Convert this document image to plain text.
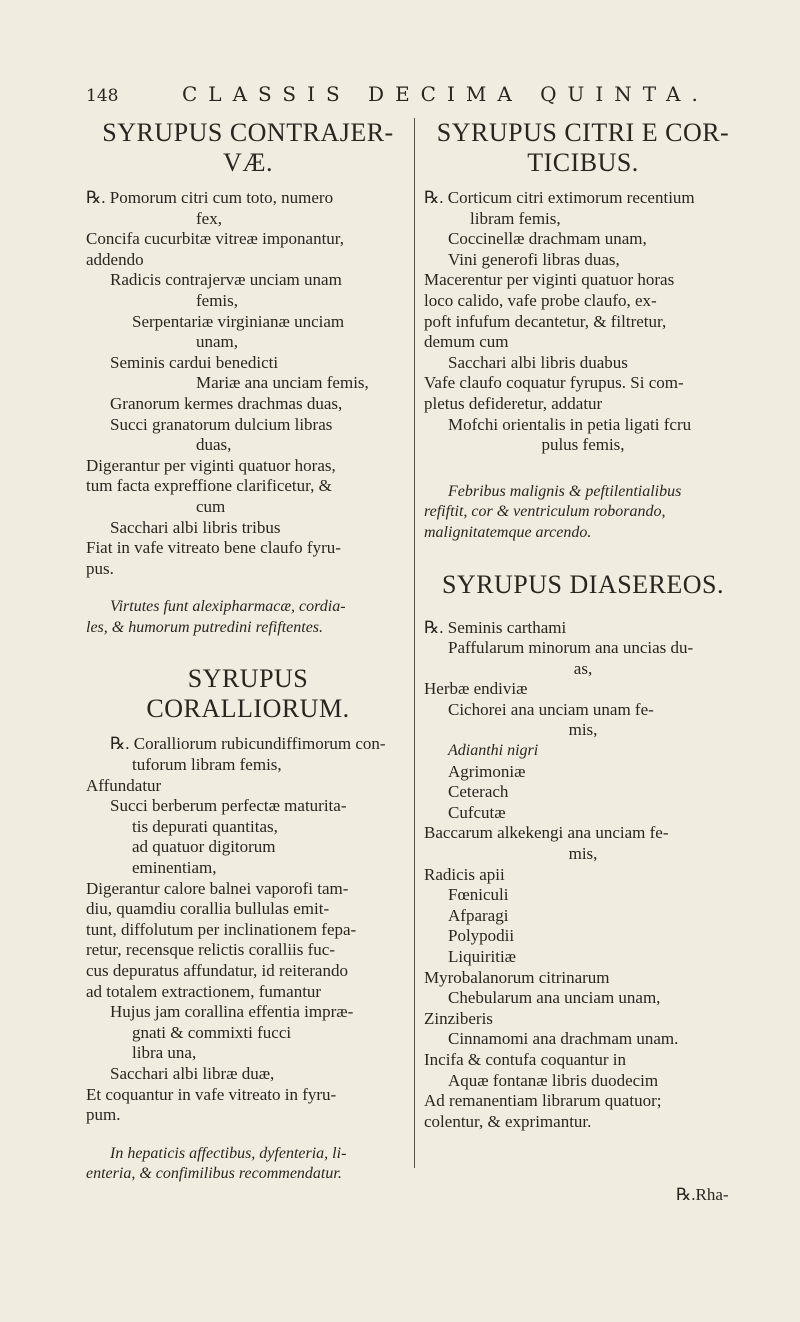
148	CLASSIS DECIMA QUINTA.
SYRUPUS CONTRAJER-
VÆ.
℞. Pomorum citri cum toto, numero
fex,
Concifa cucurbitæ vitreæ imponantur,
addendo
Radicis contrajervæ unciam unam
femis,
Serpentariæ virginianæ unciam
unam,
Seminis cardui benedicti
Mariæ ana unciam femis,
Granorum kermes drachmas duas,
Succi granatorum dulcium libras
duas,
Digerantur per viginti quatuor horas,
tum facta expreffione clarificetur, &
cum
Sacchari albi libris tribus
Fiat in vafe vitreato bene claufo fyru-
pus.
Virtutes funt alexipharmacæ, cordia-
les, & humorum putredini refiftentes.
SYRUPUS CORALLIORUM.
℞. Coralliorum rubicundiffimorum con-
tuforum libram femis,
Affundatur
Succi berberum perfectæ maturita-
tis depurati quantitas,
ad quatuor digitorum
eminentiam,
Digerantur calore balnei vaporofi tam-
diu, quamdiu corallia bullulas emit-
tunt, diffolutum per inclinationem fepa-
retur, recensque relictis coralliis fuc-
cus depuratus affundatur, id reiterando
ad totalem extractionem, fumantur
Hujus jam corallina effentia impræ-
gnati & commixti fucci
libra una,
Sacchari albi libræ duæ,
Et coquantur in vafe vitreato in fyru-
pum.
In hepaticis affectibus, dyfenteria, li-
enteria, & confimilibus recommendatur.
SYRUPUS CITRI E COR-
TICIBUS.
℞. Corticum citri extimorum recentium
libram femis,
Coccinellæ drachmam unam,
Vini generofi libras duas,
Macerentur per viginti quatuor horas
loco calido, vafe probe claufo, ex-
poft infufum decantetur, & filtretur,
demum cum
Sacchari albi libris duabus
Vafe claufo coquatur fyrupus. Si com-
pletus defideretur, addatur
Mofchi orientalis in petia ligati fcru
pulus femis,
Febribus malignis & peftilentialibus
refiftit, cor & ventriculum roborando,
malignitatemque arcendo.
SYRUPUS DIASEREOS.
℞. Seminis carthami
Paffularum minorum ana uncias du-
as,
Herbæ endiviæ
Cichorei ana unciam unam fe-
mis,
Adianthi nigri
Agrimoniæ
Ceterach
Cufcutæ
Baccarum alkekengi ana unciam fe-
mis,
Radicis apii
Fœniculi
Afparagi
Polypodii
Liquiritiæ
Myrobalanorum citrinarum
Chebularum ana unciam unam,
Zinziberis
Cinnamomi ana drachmam unam.
Incifa & contufa coquantur in
Aquæ fontanæ libris duodecim
Ad remanentiam librarum quatuor;
colentur, & exprimantur.
℞.Rha-
